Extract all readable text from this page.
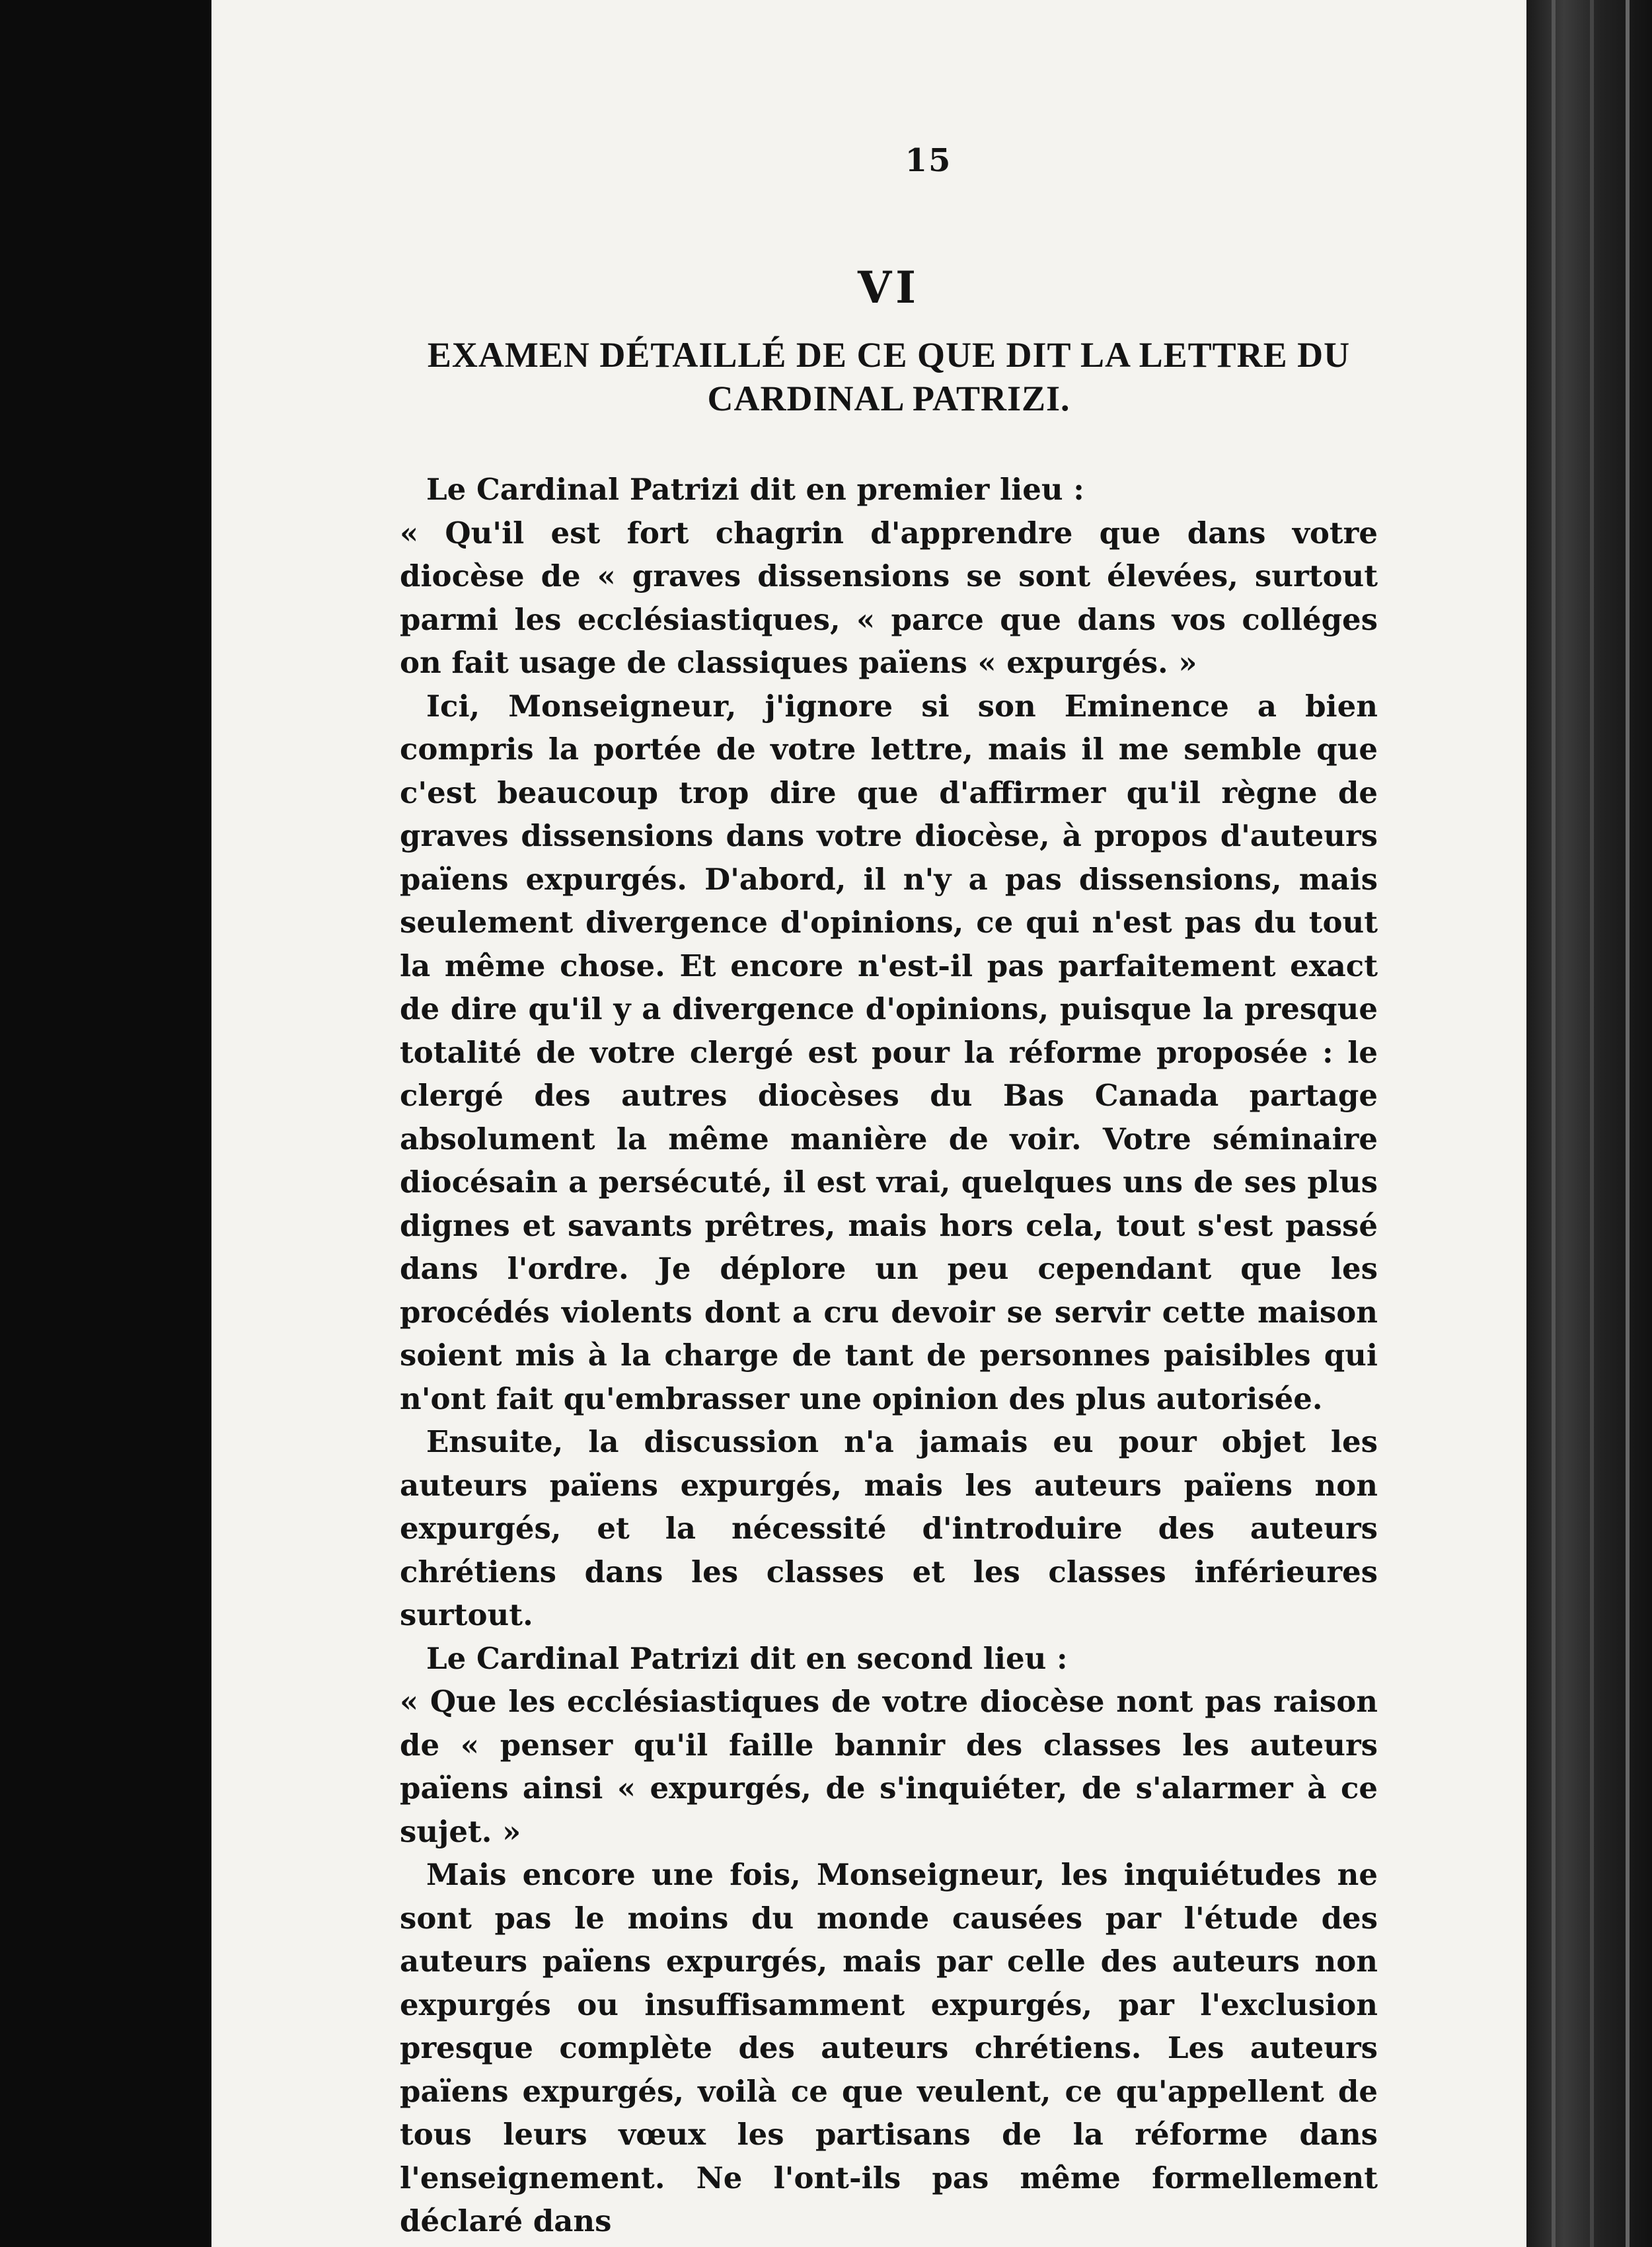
15
VI
EXAMEN DÉTAILLÉ DE CE QUE DIT LA LETTRE DU
CARDINAL PATRIZI.

Le Cardinal Patrizi dit en premier lieu :

« Qu'il est fort chagrin d'apprendre que dans votre diocèse de « graves dissensions se sont élevées, surtout parmi les ecclésiastiques, « parce que dans vos colléges on fait usage de classiques païens « expurgés. »

Ici, Monseigneur, j'ignore si son Eminence a bien compris la portée de votre lettre, mais il me semble que c'est beaucoup trop dire que d'affirmer qu'il règne de graves dissensions dans votre diocèse, à propos d'auteurs païens expurgés. D'abord, il n'y a pas dissensions, mais seulement divergence d'opinions, ce qui n'est pas du tout la même chose. Et encore n'est-il pas parfaitement exact de dire qu'il y a divergence d'opinions, puisque la presque totalité de votre clergé est pour la réforme proposée : le clergé des autres diocèses du Bas Canada partage absolument la même manière de voir. Votre séminaire diocésain a persécuté, il est vrai, quelques uns de ses plus dignes et savants prêtres, mais hors cela, tout s'est passé dans l'ordre. Je déplore un peu cependant que les procédés violents dont a cru devoir se servir cette maison soient mis à la charge de tant de personnes paisibles qui n'ont fait qu'embrasser une opinion des plus autorisée.

Ensuite, la discussion n'a jamais eu pour objet les auteurs païens expurgés, mais les auteurs païens non expurgés, et la nécessité d'introduire des auteurs chrétiens dans les classes et les classes inférieures surtout.

Le Cardinal Patrizi dit en second lieu :

« Que les ecclésiastiques de votre diocèse nont pas raison de « penser qu'il faille bannir des classes les auteurs païens ainsi « expurgés, de s'inquiéter, de s'alarmer à ce sujet. »

Mais encore une fois, Monseigneur, les inquiétudes ne sont pas le moins du monde causées par l'étude des auteurs païens expurgés, mais par celle des auteurs non expurgés ou insuffisamment expurgés, par l'exclusion presque complète des auteurs chrétiens. Les auteurs païens expurgés, voilà ce que veulent, ce qu'appellent de tous leurs vœux les partisans de la réforme dans l'enseignement. Ne l'ont-ils pas même formellement déclaré dans
